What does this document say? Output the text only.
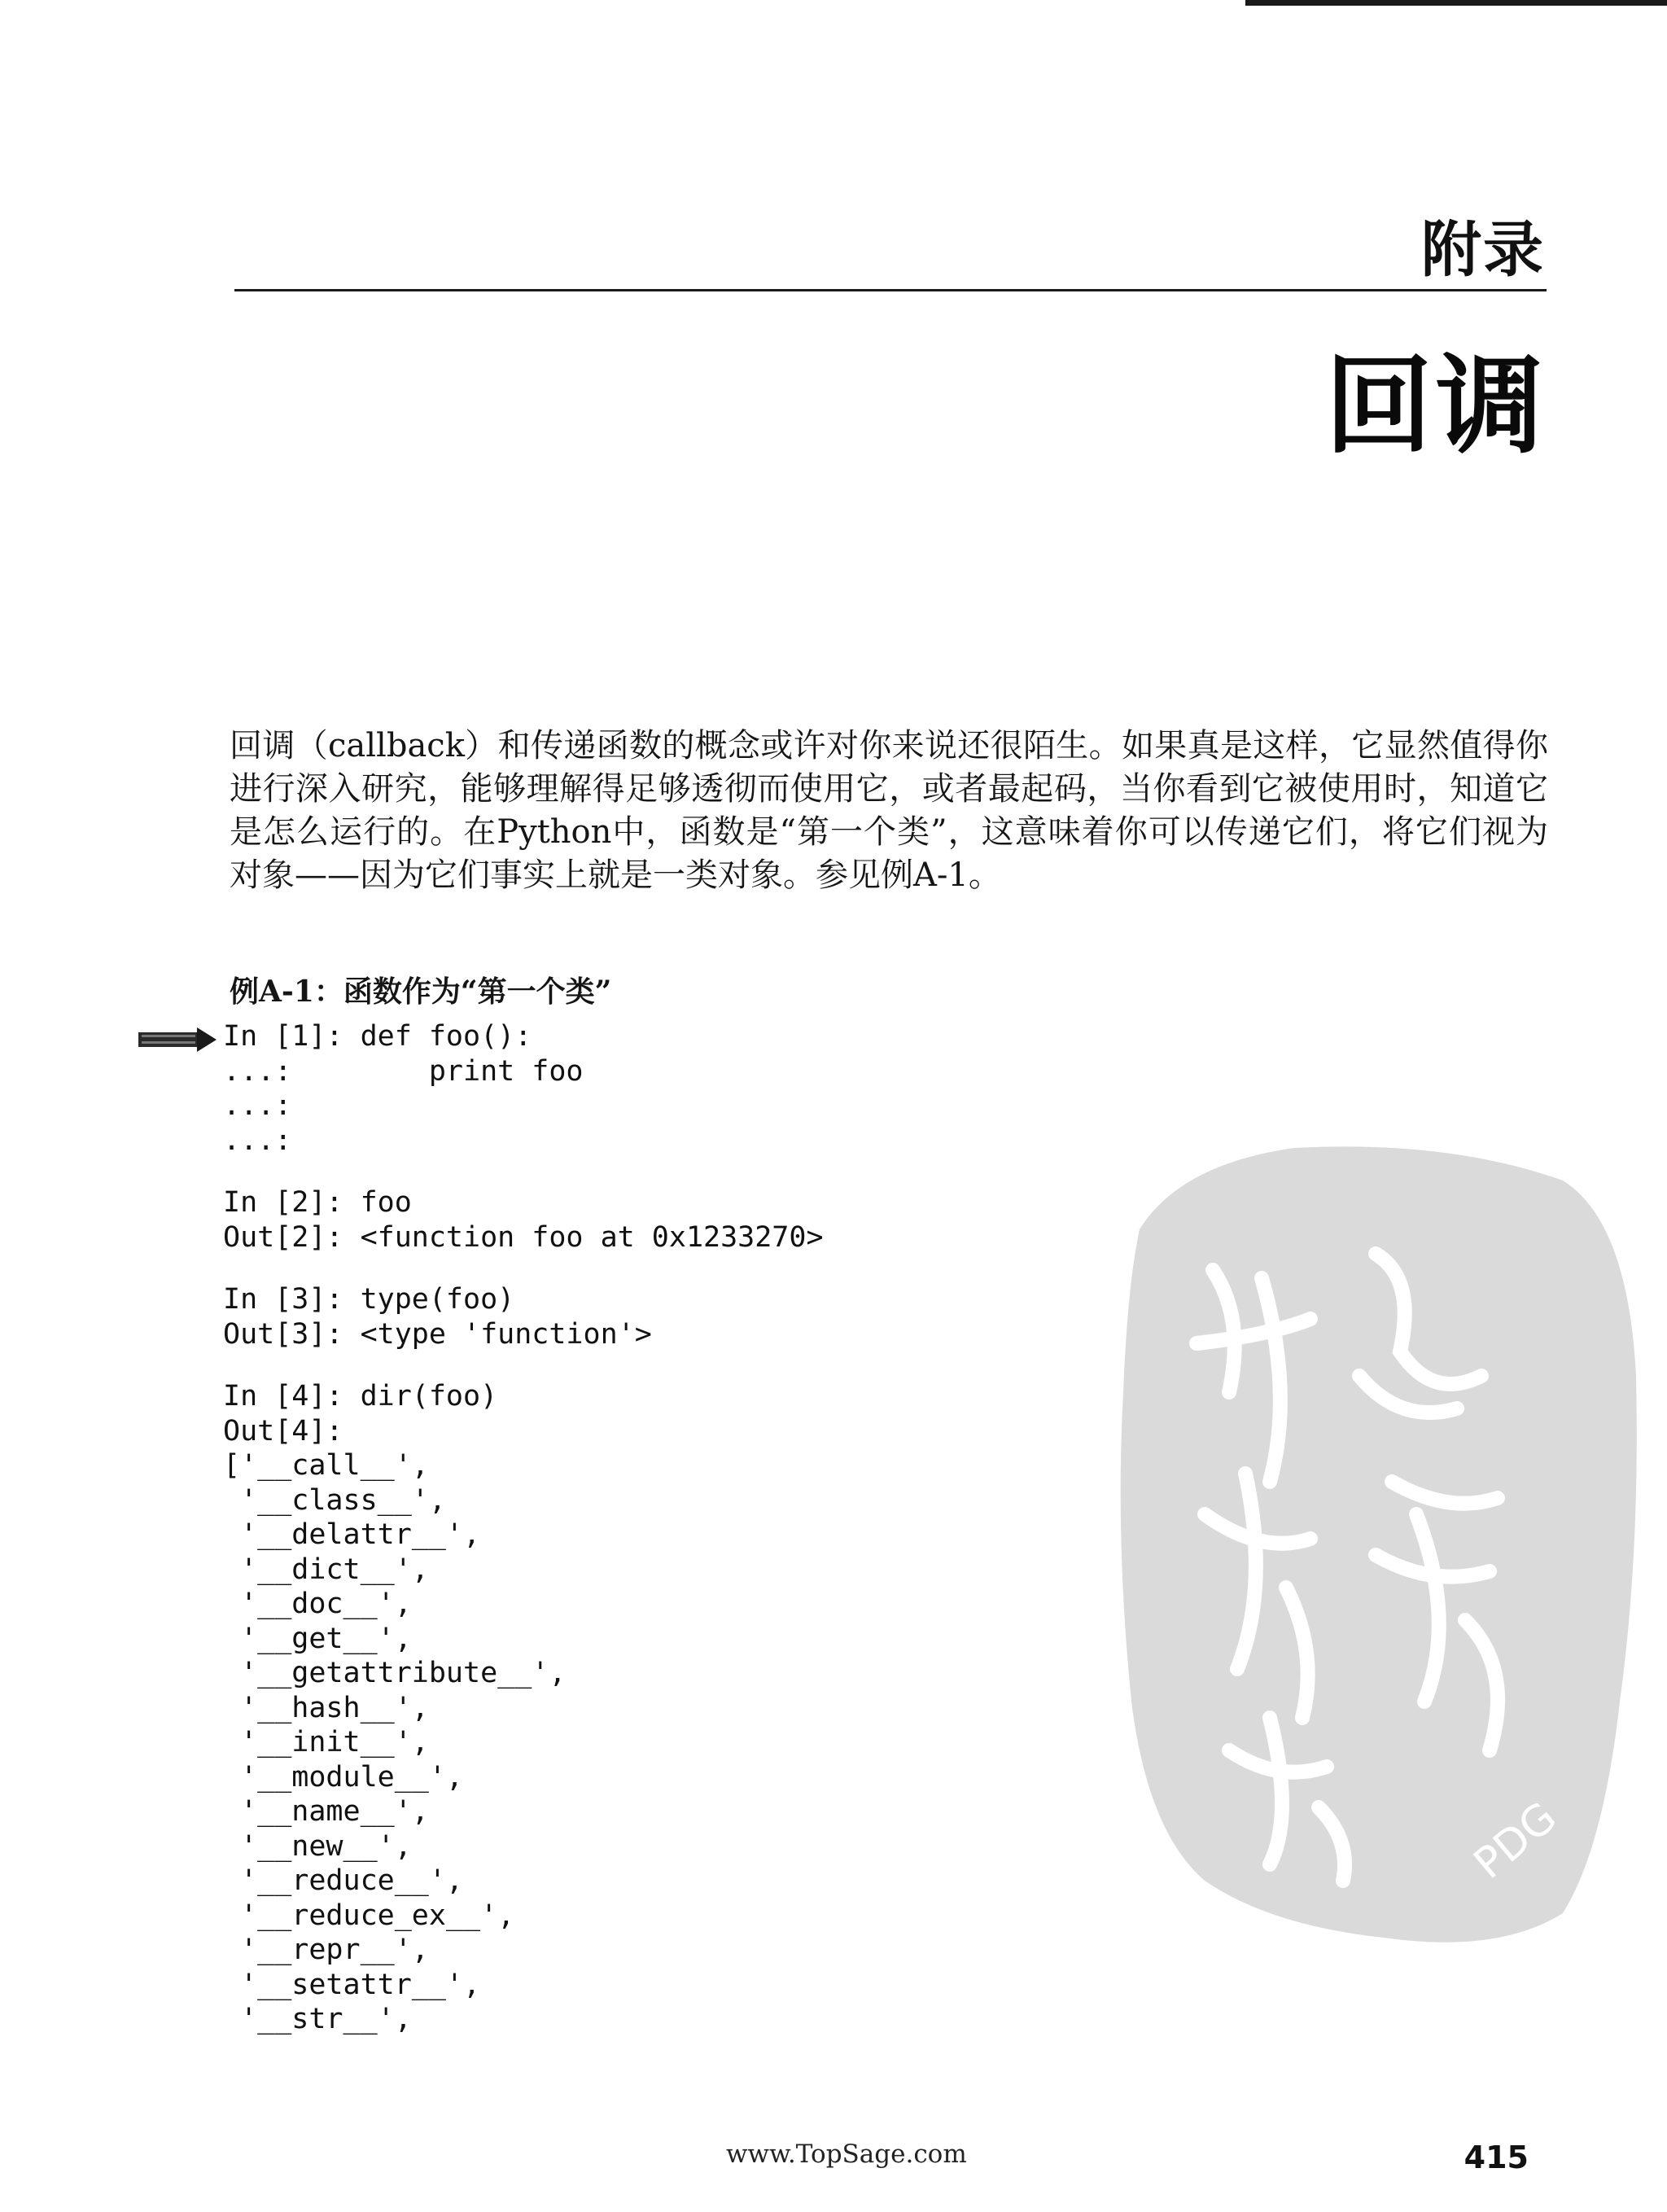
附录
回调

回调（callback）和传递函数的概念或许对你来说还很陌生。如果真是这样，它显然值得你进行深入研究，能够理解得足够透彻而使用它，或者最起码，当你看到它被使用时，知道它是怎么运行的。在Python中，函数是“第一个类”，这意味着你可以传递它们，将它们视为对象——因为它们事实上就是一类对象。参见例A-1。

例A-1：函数作为“第一个类”
In [1]: def foo():
...:        print foo
...:
...:
In [2]: foo
Out[2]: <function foo at 0x1233270>
In [3]: type(foo)
Out[3]: <type 'function'>
In [4]: dir(foo)
Out[4]:
['__call__',
'__class__',
'__delattr__',
'__dict__',
'__doc__',
'__get__',
'__getattribute__',
'__hash__',
'__init__',
'__module__',
'__name__',
'__new__',
'__reduce__',
'__reduce_ex__',
'__repr__',
'__setattr__',
'__str__',
PDG
www.TopSage.com	415
